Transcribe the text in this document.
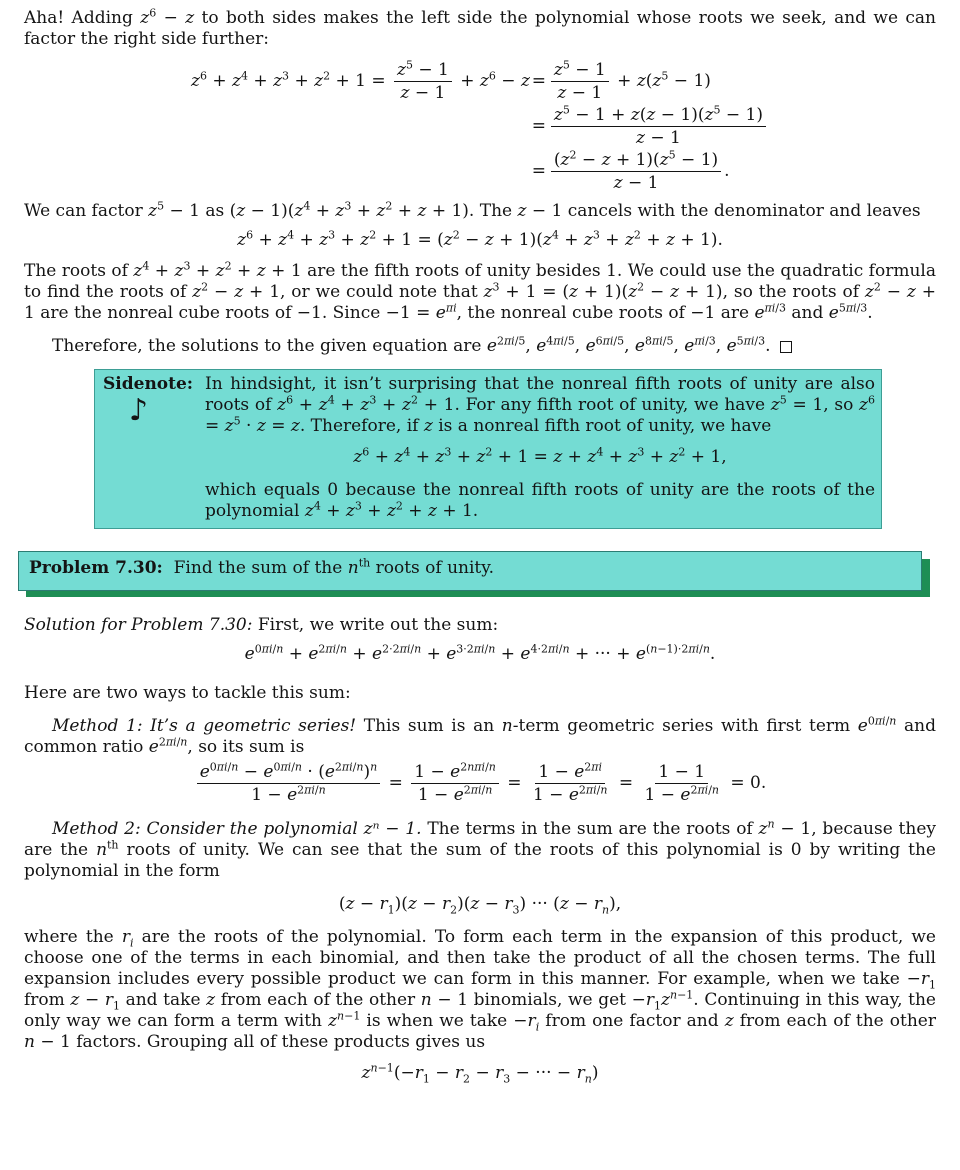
Aha! Adding $z^6 - z$ to both sides makes the left side the polynomial whose roots we seek, and we can factor the right side further:

$z^6 + z^4 + z^3 + z^2 + 1 = \frac{z^5 - 1}{z - 1} + z^6 - z = \frac{z^5 - 1}{z - 1} + z(z^5 - 1)$
= $\frac{z^5 - 1 + z(z - 1)(z^5 - 1)}{z - 1}$
= $\frac{(z^2 - z + 1)(z^5 - 1)}{z - 1}$ .

We can factor $z^5 - 1$ as $(z - 1)(z^4 + z^3 + z^2 + z + 1)$. The z − 1 cancels with the denominator and leaves

$z^6 + z^4 + z^3 + z^2 + 1 = (z^2 - z + 1)(z^4 + z^3 + z^2 + z + 1)$.

The roots of $z^4 + z^3 + z^2 + z + 1$ are the fifth roots of unity besides 1. We could use the quadratic formula to find the roots of $z^2 - z + 1$, or we could note that $z^3 + 1 = (z + 1)(z^2 - z + 1)$, so the roots of $z^2 - z + 1$ are the nonreal cube roots of −1. Since $-1 = e^{\pi i}$, the nonreal cube roots of −1 are $e^{\pi i/3}$ and $e^{5\pi i/3}$.

Therefore, the solutions to the given equation are $e^{2\pi i/5}$, $e^{4\pi i/5}$, $e^{6\pi i/5}$, $e^{8\pi i/5}$, $e^{\pi i/3}$, $e^{5\pi i/3}$.

Sidenote:
♪

In hindsight, it isn’t surprising that the nonreal fifth roots of unity are also roots of $z^6 + z^4 + z^3 + z^2 + 1$. For any fifth root of unity, we have $z^5 = 1$, so $z^6 = z^5 \cdot z = z$. Therefore, if z is a nonreal fifth root of unity, we have

$z^6 + z^4 + z^3 + z^2 + 1 = z + z^4 + z^3 + z^2 + 1$,

which equals 0 because the nonreal fifth roots of unity are the roots of the polynomial $z^4 + z^3 + z^2 + z + 1$.

Problem 7.30:  Find the sum of the $n^{th}$ roots of unity.

Solution for Problem 7.30: First, we write out the sum:

$e^{0\pi i/n} + e^{2\pi i/n} + e^{2\cdot 2\pi i/n} + e^{3\cdot 2\pi i/n} + e^{4\cdot 2\pi i/n}$ + ··· + $e^{(n-1)\cdot 2\pi i/n}$.

Here are two ways to tackle this sum:

Method 1: It’s a geometric series! This sum is an n-term geometric series with first term $e^{0\pi i/n}$ and common ratio $e^{2\pi i/n}$, so its sum is

$\frac{e^{0\pi i/n} - e^{0\pi i/n} \cdot (e^{2\pi i/n})^n}{1 - e^{2\pi i/n}} = \frac{1 - e^{2n\pi i/n}}{1 - e^{2\pi i/n}} = \frac{1 - e^{2\pi i}}{1 - e^{2\pi i/n}} = \frac{1 - 1}{1 - e^{2\pi i/n}} = 0$.

Method 2: Consider the polynomial zⁿ − 1. The terms in the sum are the roots of $z^n - 1$, because they are the $n^{th}$ roots of unity. We can see that the sum of the roots of this polynomial is 0 by writing the polynomial in the form

$(z - r_1)(z - r_2)(z - r_3)$ ··· $(z - r_n)$,

where the $r_i$ are the roots of the polynomial. To form each term in the expansion of this product, we choose one of the terms in each binomial, and then take the product of all the chosen terms. The full expansion includes every possible product we can form in this manner. For example, when we take $-r_1$ from $z - r_1$ and take z from each of the other n − 1 binomials, we get $-r_1z^{n-1}$. Continuing in this way, the only way we can form a term with $z^{n-1}$ is when we take $-r_i$ from one factor and z from each of the other n − 1 factors. Grouping all of these products gives us

$z^{n-1}(-r_1 - r_2 - r_3$ − ··· − $r_n$)
